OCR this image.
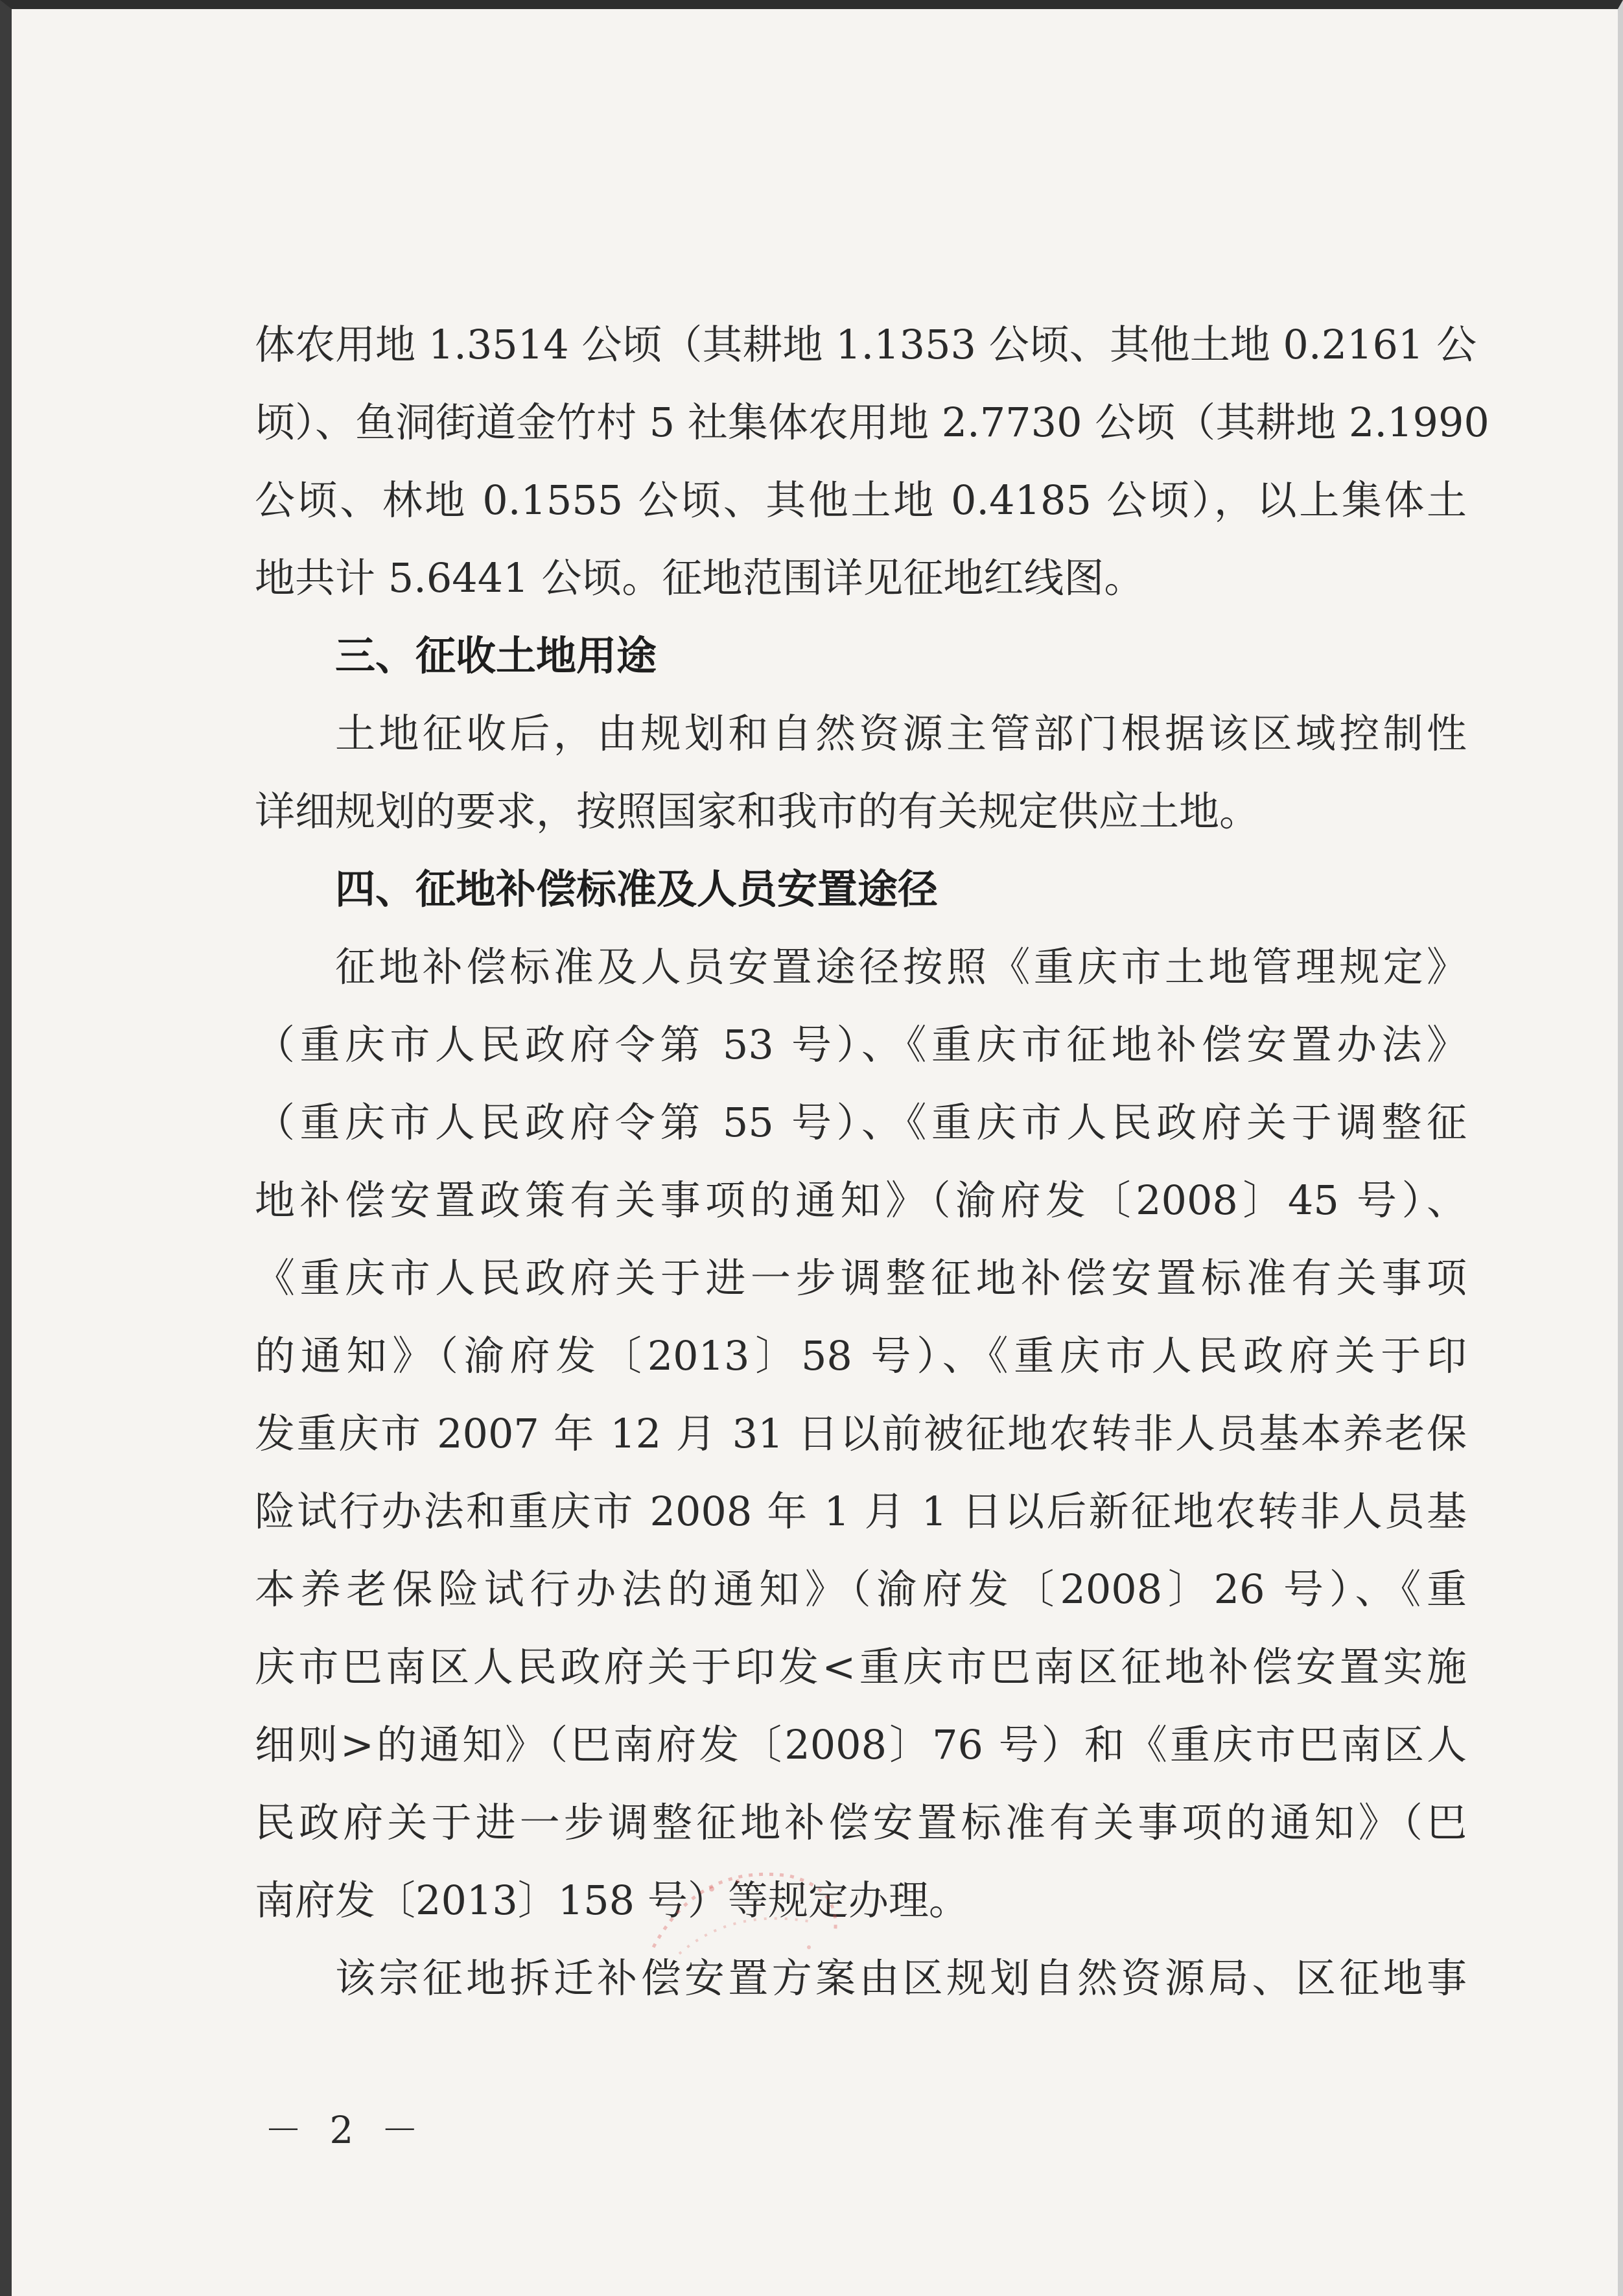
体农用地 1.3514 公顷（其耕地 1.1353 公顷、其他土地 0.2161 公
顷）、鱼洞街道金竹村 5 社集体农用地 2.7730 公顷（其耕地 2.1990
公顷、林地 0.1555 公顷、其他土地 0.4185 公顷），以上集体土
地共计 5.6441 公顷。征地范围详见征地红线图。
三、征收土地用途
土地征收后，由规划和自然资源主管部门根据该区域控制性
详细规划的要求，按照国家和我市的有关规定供应土地。
四、征地补偿标准及人员安置途径
征地补偿标准及人员安置途径按照《重庆市土地管理规定》
（重庆市人民政府令第 53 号）、《重庆市征地补偿安置办法》
（重庆市人民政府令第 55 号）、《重庆市人民政府关于调整征
地补偿安置政策有关事项的通知》（渝府发〔2008〕45 号）、
《重庆市人民政府关于进一步调整征地补偿安置标准有关事项
的通知》（渝府发〔2013〕58 号）、《重庆市人民政府关于印
发重庆市 2007 年 12 月 31 日以前被征地农转非人员基本养老保
险试行办法和重庆市 2008 年 1 月 1 日以后新征地农转非人员基
本养老保险试行办法的通知》（渝府发〔2008〕26 号）、《重
庆市巴南区人民政府关于印发<重庆市巴南区征地补偿安置实施
细则>的通知》（巴南府发〔2008〕76 号）和《重庆市巴南区人
民政府关于进一步调整征地补偿安置标准有关事项的通知》（巴
南府发〔2013〕158 号）等规定办理。
该宗征地拆迁补偿安置方案由区规划自然资源局、区征地事
－ 2 －
